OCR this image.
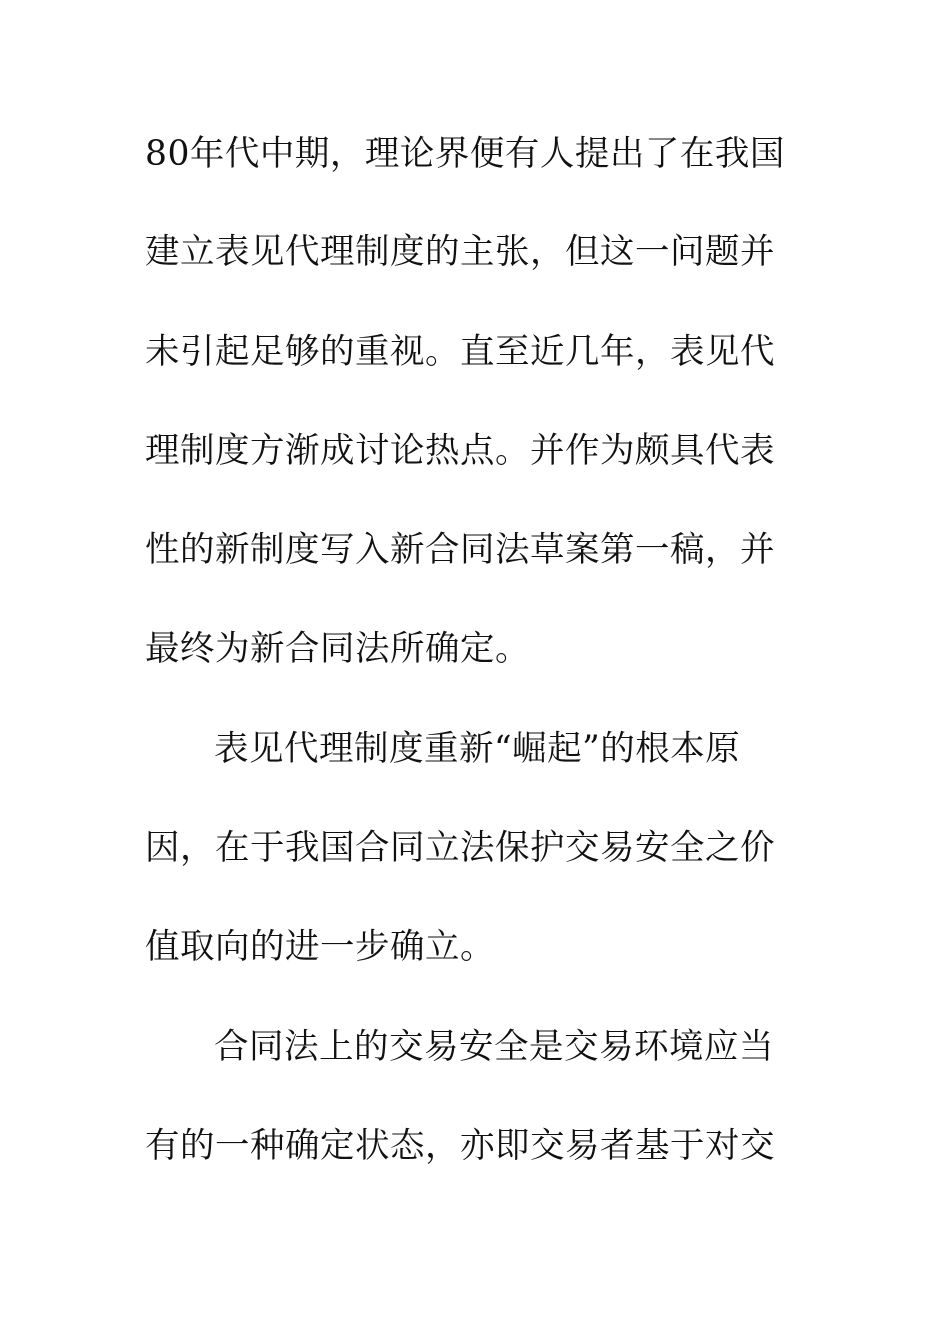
80年代中期，理论界便有人提出了在我国
建立表见代理制度的主张，但这一问题并
未引起足够的重视。直至近几年，表见代
理制度方渐成讨论热点。并作为颇具代表
性的新制度写入新合同法草案第一稿，并
最终为新合同法所确定。
表见代理制度重新“崛起”的根本原
因，在于我国合同立法保护交易安全之价
值取向的进一步确立。
合同法上的交易安全是交易环境应当
有的一种确定状态，亦即交易者基于对交
